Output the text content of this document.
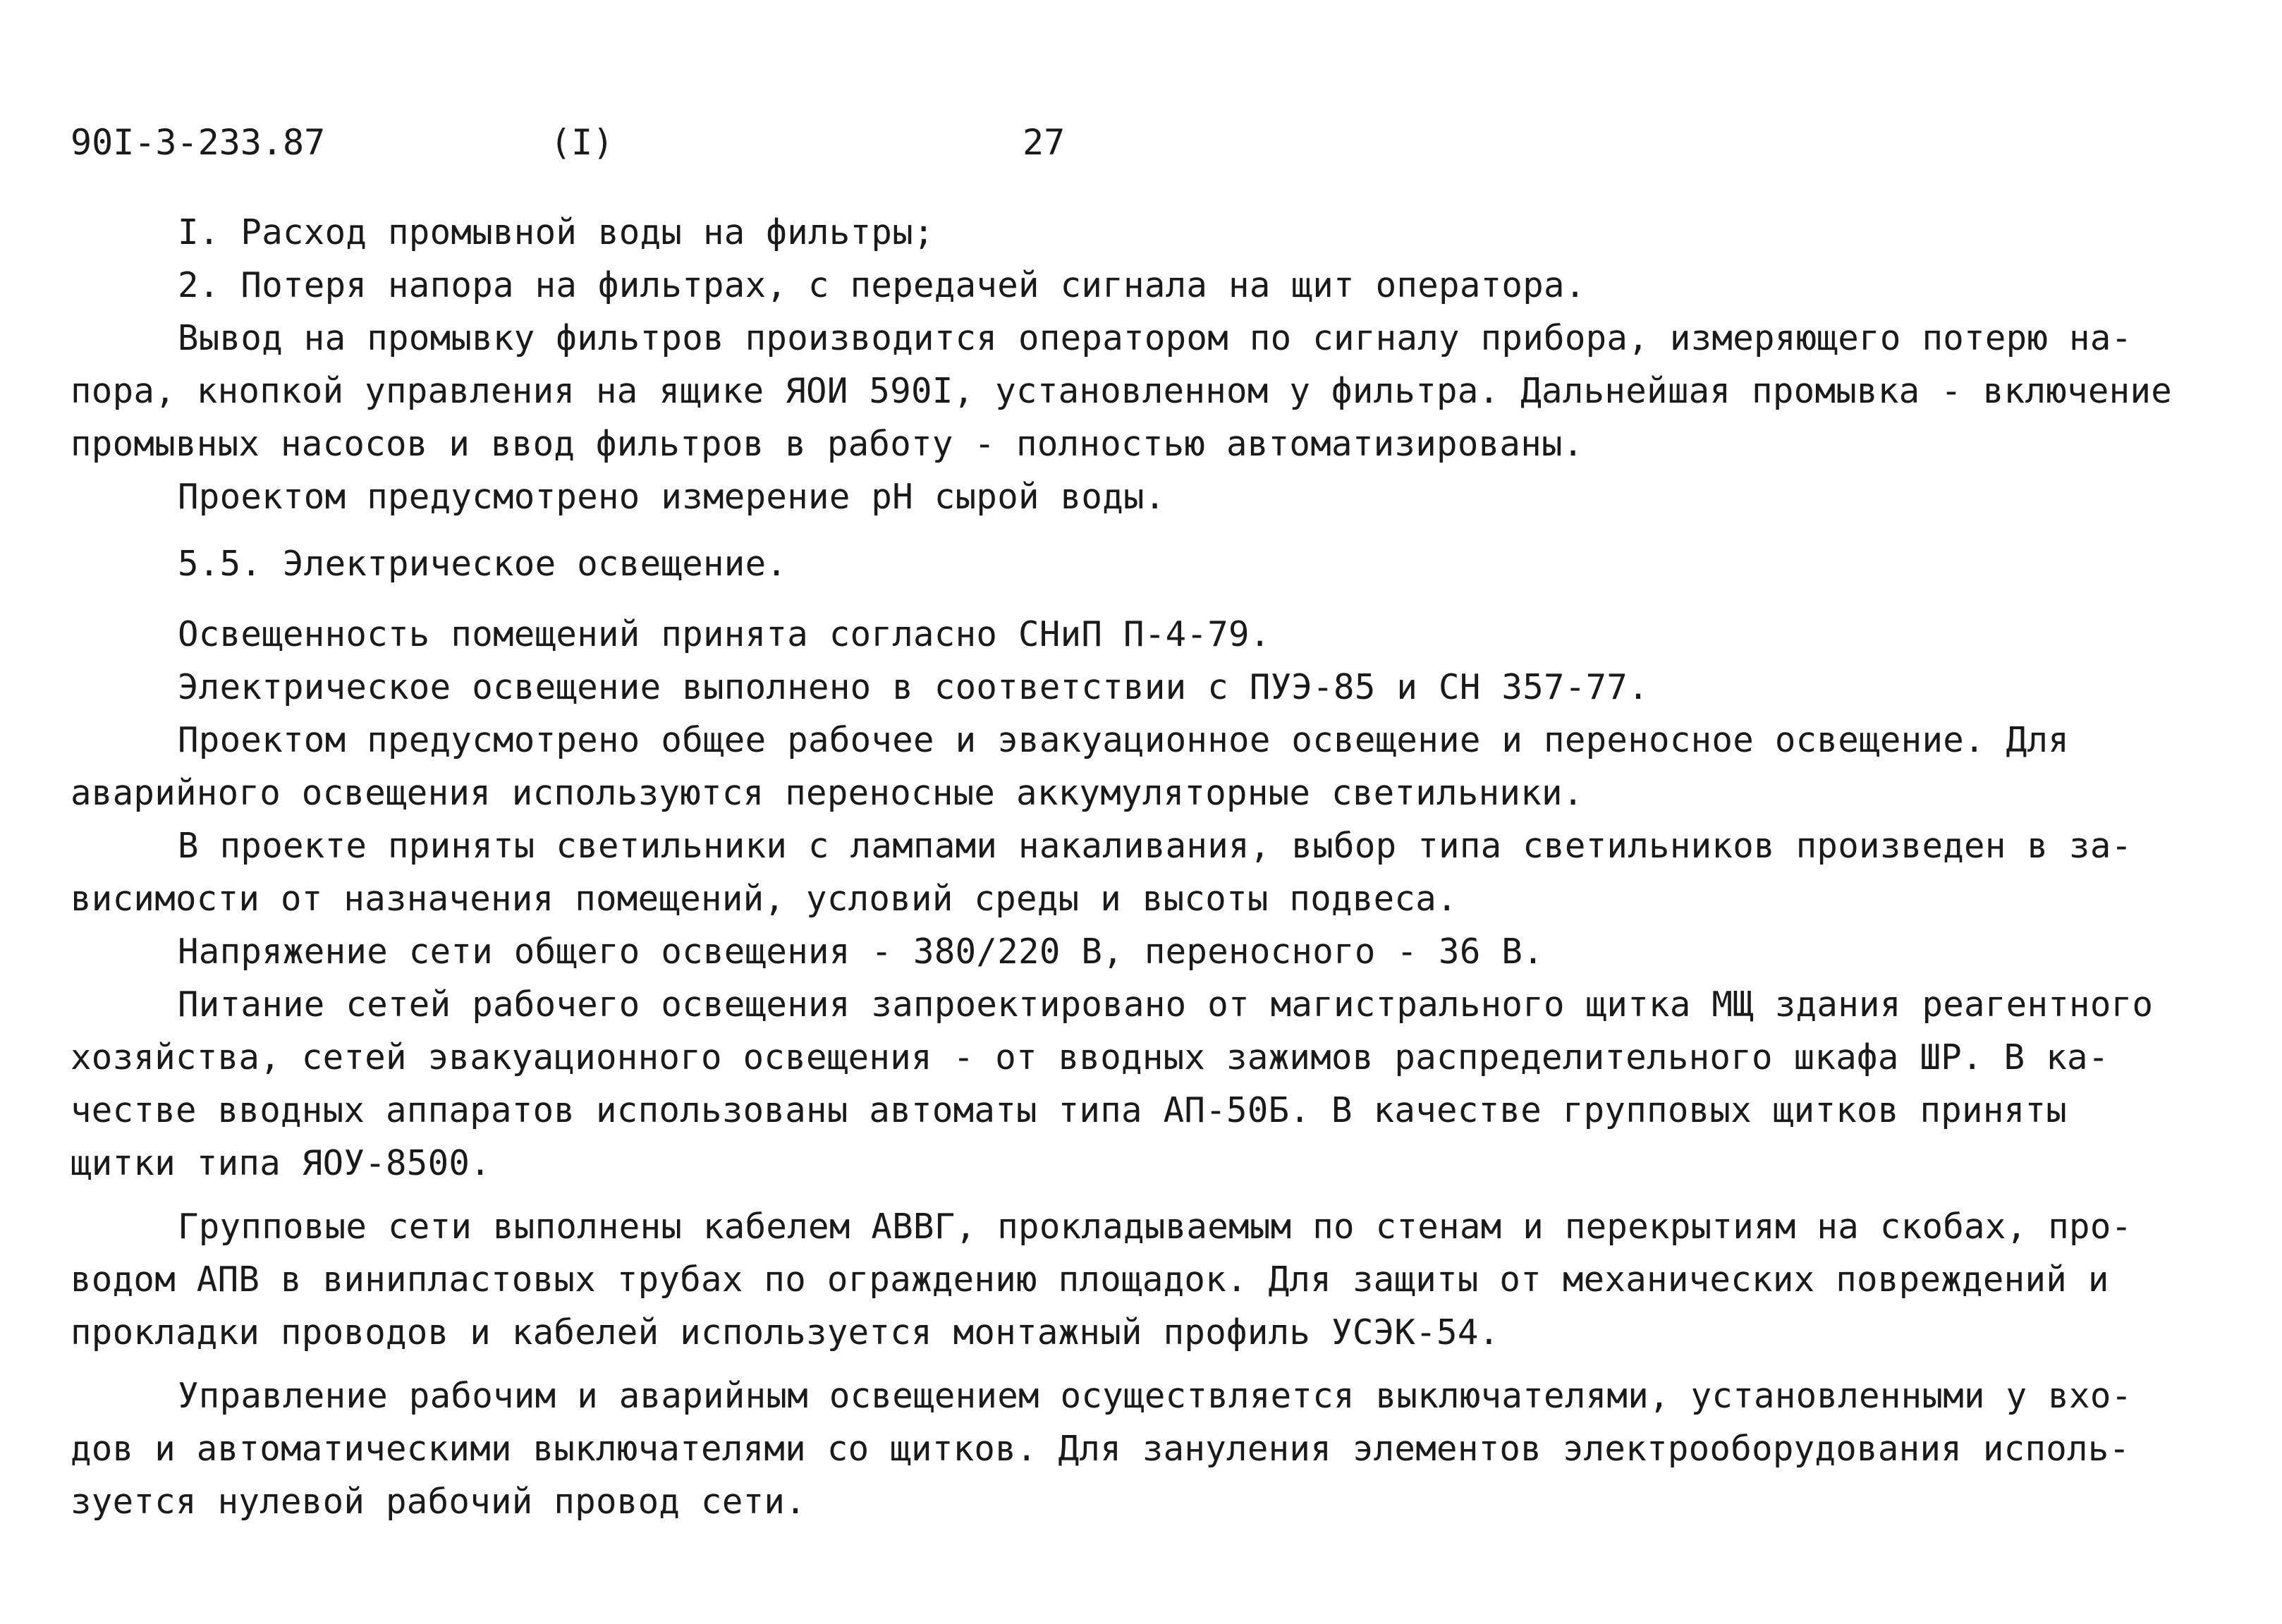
90I-3-233.87	(I)	27
I. Расход промывной воды на фильтры;
2. Потеря напора на фильтрах, с передачей сигнала на щит оператора.
Вывод на промывку фильтров производится оператором по сигналу прибора, измеряющего потерю на-
пора, кнопкой управления на ящике ЯОИ 590I, установленном у фильтра. Дальнейшая промывка - включение
промывных насосов и ввод фильтров в работу - полностью автоматизированы.
Проектом предусмотрено измерение рН сырой воды.
5.5. Электрическое освещение.
Освещенность помещений принята согласно СНиП П-4-79.
Электрическое освещение выполнено в соответствии с ПУЭ-85 и СН 357-77.
Проектом предусмотрено общее рабочее и эвакуационное освещение и переносное освещение. Для
аварийного освещения используются переносные аккумуляторные светильники.
В проекте приняты светильники с лампами накаливания, выбор типа светильников произведен в за-
висимости от назначения помещений, условий среды и высоты подвеса.
Напряжение сети общего освещения - 380/220 В, переносного - 36 В.
Питание сетей рабочего освещения запроектировано от магистрального щитка МЩ здания реагентного
хозяйства, сетей эвакуационного освещения - от вводных зажимов распределительного шкафа ШР. В ка-
честве вводных аппаратов использованы автоматы типа АП-50Б. В качестве групповых щитков приняты
щитки типа ЯОУ-8500.
Групповые сети выполнены кабелем АВВГ, прокладываемым по стенам и перекрытиям на скобах, про-
водом АПВ в винипластовых трубах по ограждению площадок. Для защиты от механических повреждений и
прокладки проводов и кабелей используется монтажный профиль УСЭК-54.
Управление рабочим и аварийным освещением осуществляется выключателями, установленными у вхо-
дов и автоматическими выключателями со щитков. Для зануления элементов электрооборудования исполь-
зуется нулевой рабочий провод сети.
